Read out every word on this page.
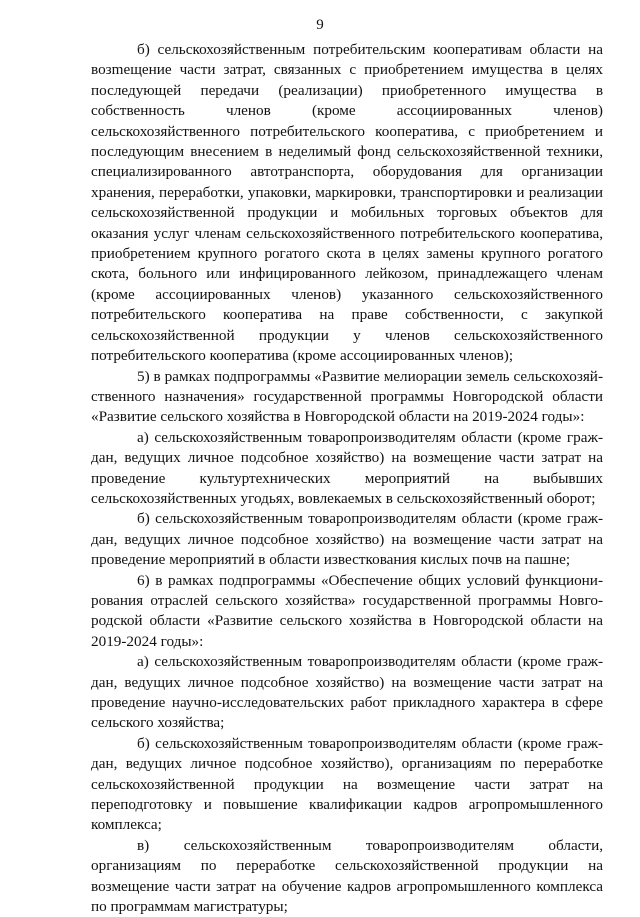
9

б) сельскохозяйственным потребительским кооперативам области на возmещение части затрат, связанных с приобретением имущества в целях последующей передачи (реализации) приобретенного имущества в собственность членов (кроме ассоциированных членов) сельскохозяйственного потребительского кооператива, с приобретением и последующим внесением в неделимый фонд сельскохозяйственной техники, специализированного автотранспорта, оборудования для организации хранения, переработки, упаковки, маркировки, транспортировки и реализации сельскохозяйственной продукции и мобильных торговых объектов для оказания услуг членам сельскохозяйственного потребительского кооператива, приобретением крупного рогатого скота в целях замены крупного рогатого скота, больного или инфицированного лейкозом, принадлежащего членам (кроме ассоциированных членов) указанного сельскохозяйственного потребительского кооператива на праве собственности, с закупкой сельскохозяйственной продукции у членов сельскохозяйственного потребительского кооператива (кроме ассоциированных членов);

5) в рамках подпрограммы «Развитие мелиорации земель сельскохозяйственного назначения» государственной программы Новгородской области «Развитие сельского хозяйства в Новгородской области на 2019-2024 годы»:

а) сельскохозяйственным товаропроизводителям области (кроме граждан, ведущих личное подсобное хозяйство) на возмещение части затрат на проведение культуртехнических мероприятий на выбывших сельскохозяйственных угодьях, вовлекаемых в сельскохозяйственный оборот;

б) сельскохозяйственным товаропроизводителям области (кроме граждан, ведущих личное подсобное хозяйство) на возмещение части затрат на проведение мероприятий в области известкования кислых почв на пашне;

6) в рамках подпрограммы «Обеспечение общих условий функционирования отраслей сельского хозяйства» государственной программы Новгородской области «Развитие сельского хозяйства в Новгородской области на 2019-2024 годы»:

а) сельскохозяйственным товаропроизводителям области (кроме граждан, ведущих личное подсобное хозяйство) на возмещение части затрат на проведение научно-исследовательских работ прикладного характера в сфере сельского хозяйства;

б) сельскохозяйственным товаропроизводителям области (кроме граждан, ведущих личное подсобное хозяйство), организациям по переработке сельскохозяйственной продукции на возмещение части затрат на переподготовку и повышение квалификации кадров агропромышленного комплекса;

в) сельскохозяйственным товаропроизводителям области, организациям по переработке сельскохозяйственной продукции на возмещение части затрат на обучение кадров агропромышленного комплекса по программам магистратуры;
